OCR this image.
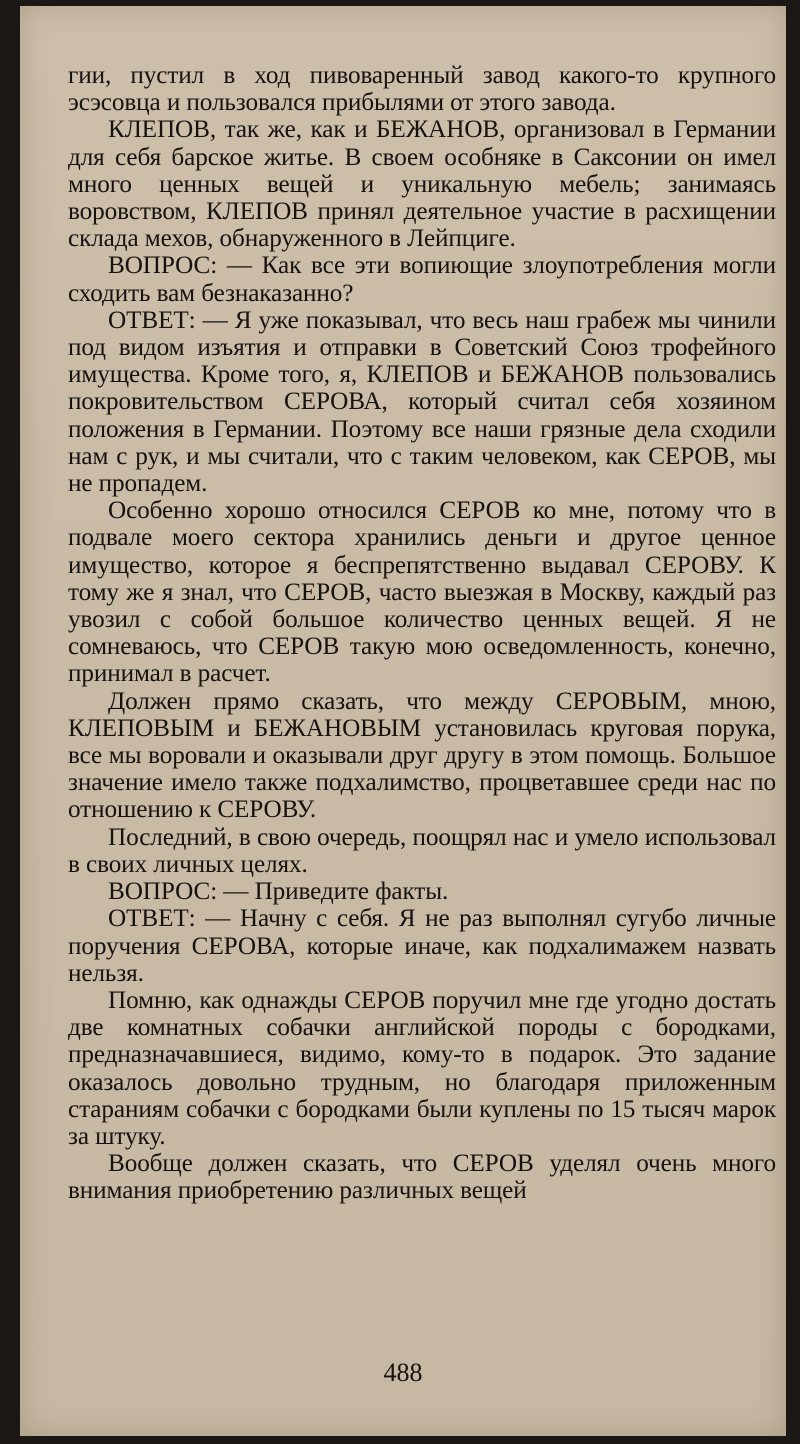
гии, пустил в ход пивоваренный завод какого-то крупного эсэсовца и пользовался прибылями от этого завода.

КЛЕПОВ, так же, как и БЕЖАНОВ, организовал в Германии для себя барское житье. В своем особняке в Саксонии он имел много ценных вещей и уникальную мебель; занимаясь воровством, КЛЕПОВ принял деятельное участие в расхищении склада мехов, обнаруженного в Лейпциге.

ВОПРОС: — Как все эти вопиющие злоупотребления могли сходить вам безнаказанно?

ОТВЕТ: — Я уже показывал, что весь наш грабеж мы чинили под видом изъятия и отправки в Советский Союз трофейного имущества. Кроме того, я, КЛЕПОВ и БЕЖАНОВ пользовались покровительством СЕРОВА, который считал себя хозяином положения в Германии. Поэтому все наши грязные дела сходили нам с рук, и мы считали, что с таким человеком, как СЕРОВ, мы не пропадем.

Особенно хорошо относился СЕРОВ ко мне, потому что в подвале моего сектора хранились деньги и другое ценное имущество, которое я беспрепятственно выдавал СЕРОВУ. К тому же я знал, что СЕРОВ, часто выезжая в Москву, каждый раз увозил с собой большое количество ценных вещей. Я не сомневаюсь, что СЕРОВ такую мою осведомленность, конечно, принимал в расчет.

Должен прямо сказать, что между СЕРОВЫМ, мною, КЛЕПОВЫМ и БЕЖАНОВЫМ установилась круговая порука, все мы воровали и оказывали друг другу в этом помощь. Большое значение имело также подхалимство, процветавшее среди нас по отношению к СЕРОВУ.

Последний, в свою очередь, поощрял нас и умело использовал в своих личных целях.

ВОПРОС: — Приведите факты.

ОТВЕТ: — Начну с себя. Я не раз выполнял сугубо личные поручения СЕРОВА, которые иначе, как подхалимажем назвать нельзя.

Помню, как однажды СЕРОВ поручил мне где угодно достать две комнатных собачки английской породы с бородками, предназначавшиеся, видимо, кому-то в подарок. Это задание оказалось довольно трудным, но благодаря приложенным стараниям собачки с бородками были куплены по 15 тысяч марок за штуку.

Вообще должен сказать, что СЕРОВ уделял очень много внимания приобретению различных вещей

488
